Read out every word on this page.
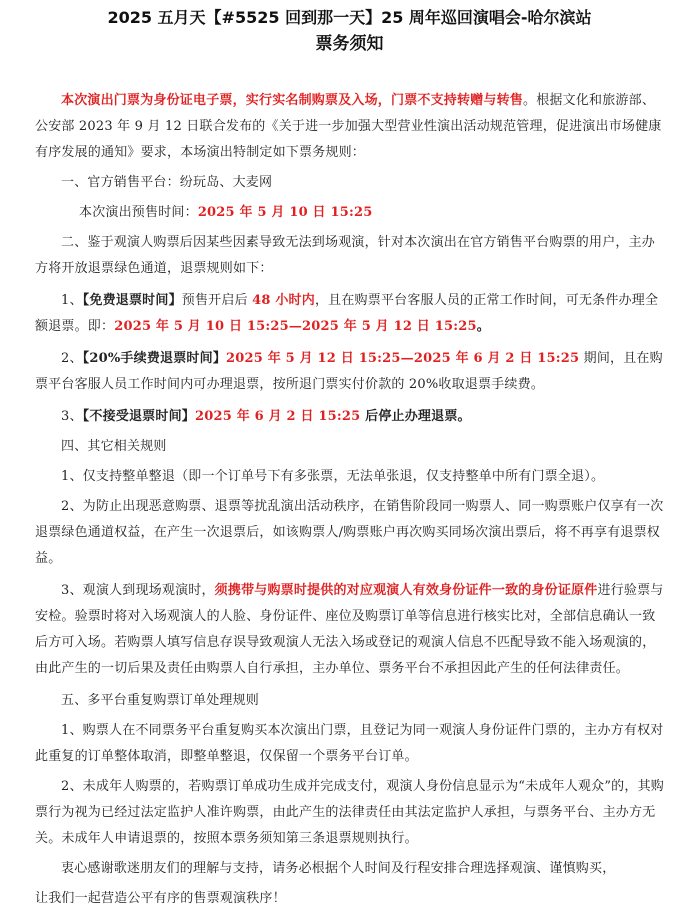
2025 五月天【#5525 回到那一天】25 周年巡回演唱会-哈尔滨站
票务须知

本次演出门票为身份证电子票，实行实名制购票及入场，门票不支持转赠与转售。根据文化和旅游部、公安部 2023 年 9 月 12 日联合发布的《关于进一步加强大型营业性演出活动规范管理，促进演出市场健康有序发展的通知》要求，本场演出特制定如下票务规则：

一、官方销售平台：纷玩岛、大麦网

本次演出预售时间：2025 年 5 月 10 日 15:25

二、鉴于观演人购票后因某些因素导致无法到场观演，针对本次演出在官方销售平台购票的用户，主办方将开放退票绿色通道，退票规则如下：

1、【免费退票时间】预售开启后 48 小时内，且在购票平台客服人员的正常工作时间，可无条件办理全额退票。即：2025 年 5 月 10 日 15:25—2025 年 5 月 12 日 15:25。

2、【20%手续费退票时间】2025 年 5 月 12 日 15:25—2025 年 6 月 2 日 15:25 期间，且在购票平台客服人员工作时间内可办理退票，按所退门票实付价款的 20%收取退票手续费。

3、【不接受退票时间】2025 年 6 月 2 日 15:25 后停止办理退票。

四、其它相关规则

1、仅支持整单整退（即一个订单号下有多张票，无法单张退，仅支持整单中所有门票全退）。

2、为防止出现恶意购票、退票等扰乱演出活动秩序，在销售阶段同一购票人、同一购票账户仅享有一次退票绿色通道权益，在产生一次退票后，如该购票人/购票账户再次购买同场次演出票后，将不再享有退票权益。

3、观演人到现场观演时，须携带与购票时提供的对应观演人有效身份证件一致的身份证原件进行验票与安检。验票时将对入场观演人的人脸、身份证件、座位及购票订单等信息进行核实比对，全部信息确认一致后方可入场。若购票人填写信息存误导致观演人无法入场或登记的观演人信息不匹配导致不能入场观演的，由此产生的一切后果及责任由购票人自行承担，主办单位、票务平台不承担因此产生的任何法律责任。

五、多平台重复购票订单处理规则

1、购票人在不同票务平台重复购买本次演出门票，且登记为同一观演人身份证件门票的，主办方有权对此重复的订单整体取消，即整单整退，仅保留一个票务平台订单。

2、未成年人购票的，若购票订单成功生成并完成支付，观演人身份信息显示为“未成年人观众”的，其购票行为视为已经过法定监护人准许购票，由此产生的法律责任由其法定监护人承担，与票务平台、主办方无关。未成年人申请退票的，按照本票务须知第三条退票规则执行。

衷心感谢歌迷朋友们的理解与支持，请务必根据个人时间及行程安排合理选择观演、谨慎购买，

让我们一起营造公平有序的售票观演秩序！
